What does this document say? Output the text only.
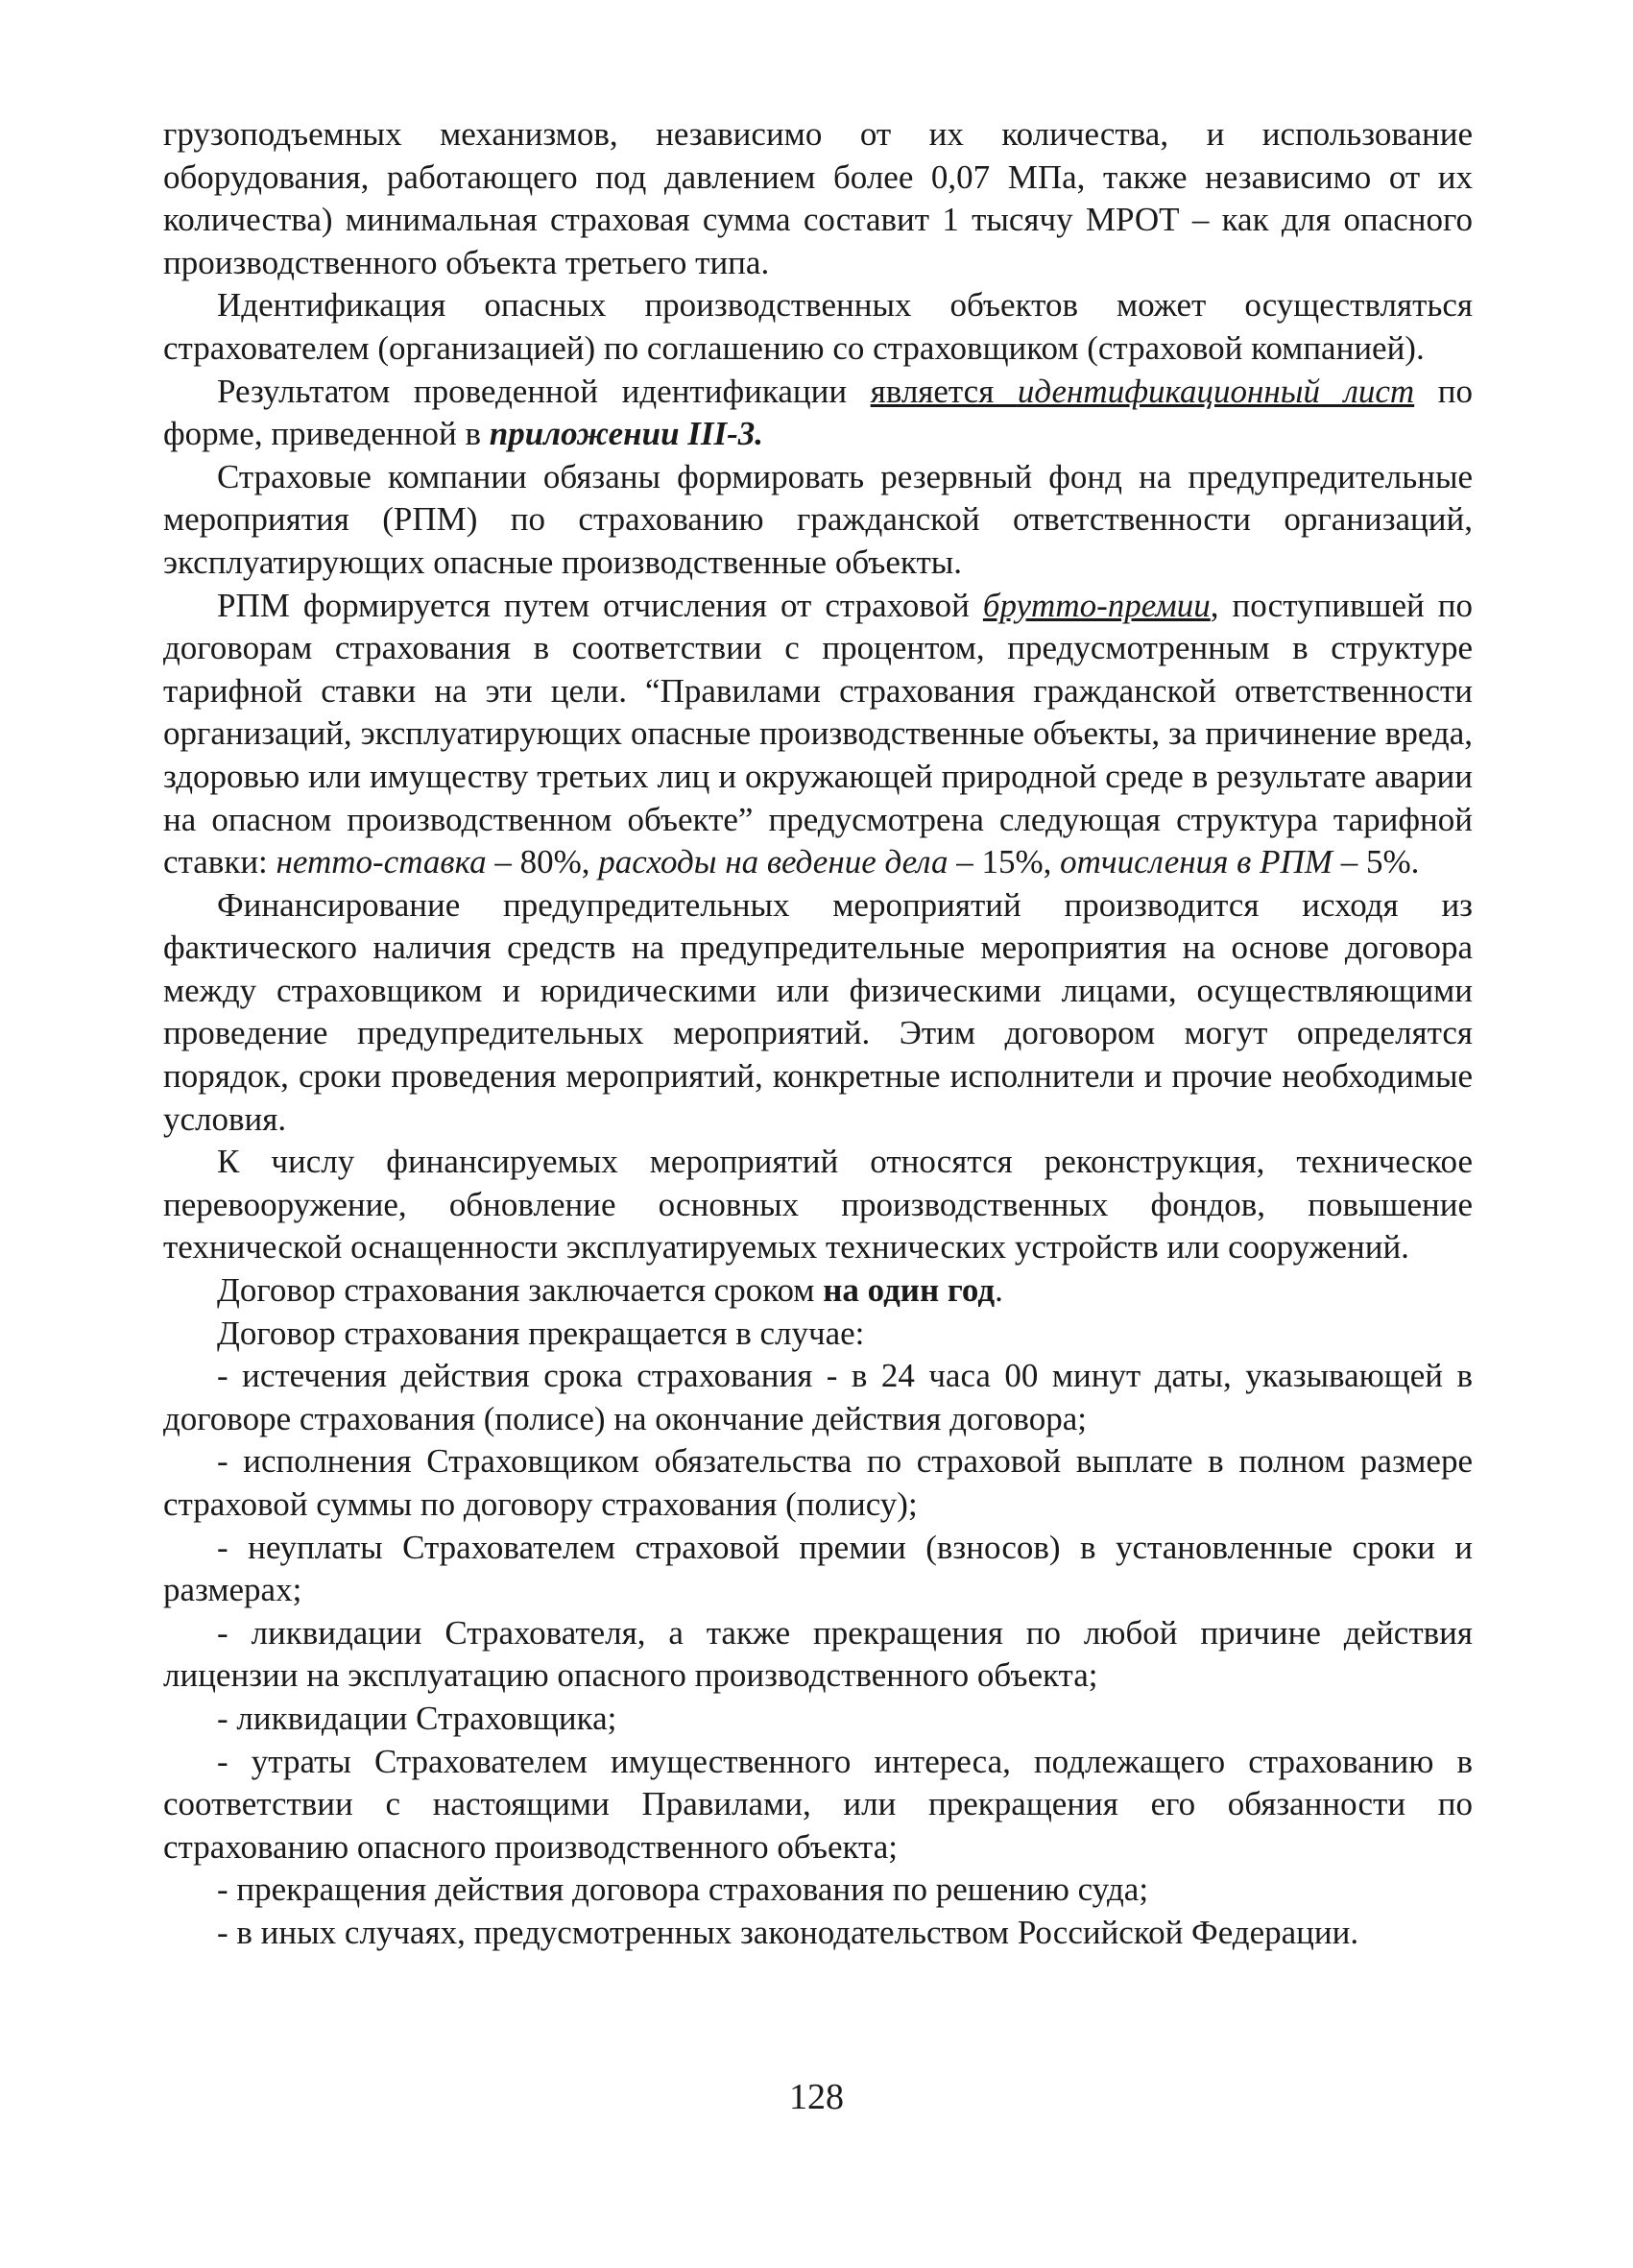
грузоподъемных механизмов, независимо от их количества, и использование оборудования, работающего под давлением более 0,07 МПа, также независимо от их количества) минимальная страховая сумма составит 1 тысячу МРОТ – как для опасного производственного объекта третьего типа.

Идентификация опасных производственных объектов может осуществляться страхователем (организацией) по соглашению со страховщиком (страховой компанией).

Результатом проведенной идентификации является идентификационный лист по форме, приведенной в приложении III-3.

Страховые компании обязаны формировать резервный фонд на предупредительные мероприятия (РПМ) по страхованию гражданской ответственности организаций, эксплуатирующих опасные производственные объекты.

РПМ формируется путем отчисления от страховой брутто-премии, поступившей по договорам страхования в соответствии с процентом, предусмотренным в структуре тарифной ставки на эти цели. “Правилами страхования гражданской ответственности организаций, эксплуатирующих опасные производственные объекты, за причинение вреда, здоровью или имуществу третьих лиц и окружающей природной среде в результате аварии на опасном производственном объекте” предусмотрена следующая структура тарифной ставки: нетто-ставка – 80%, расходы на ведение дела – 15%, отчисления в РПМ – 5%.

Финансирование предупредительных мероприятий производится исходя из фактического наличия средств на предупредительные мероприятия на основе договора между страховщиком и юридическими или физическими лицами, осуществляющими проведение предупредительных мероприятий. Этим договором могут определятся порядок, сроки проведения мероприятий, конкретные исполнители и прочие необходимые условия.

К числу финансируемых мероприятий относятся реконструкция, техническое перевооружение, обновление основных производственных фондов, повышение технической оснащенности эксплуатируемых технических устройств или сооружений.

Договор страхования заключается сроком на один год.

Договор страхования прекращается в случае:

- истечения действия срока страхования - в 24 часа 00 минут даты, указывающей в договоре страхования (полисе) на окончание действия договора;

- исполнения Страховщиком обязательства по страховой выплате в полном размере страховой суммы по договору страхования (полису);

- неуплаты Страхователем страховой премии (взносов) в установленные сроки и размерах;

- ликвидации Страхователя, а также прекращения по любой причине действия лицензии на эксплуатацию опасного производственного объекта;

- ликвидации Страховщика;

- утраты Страхователем имущественного интереса, подлежащего страхованию в соответствии с настоящими Правилами, или прекращения его обязанности по страхованию опасного производственного объекта;

- прекращения действия договора страхования по решению суда;

- в иных случаях, предусмотренных законодательством Российской Федерации.

128
